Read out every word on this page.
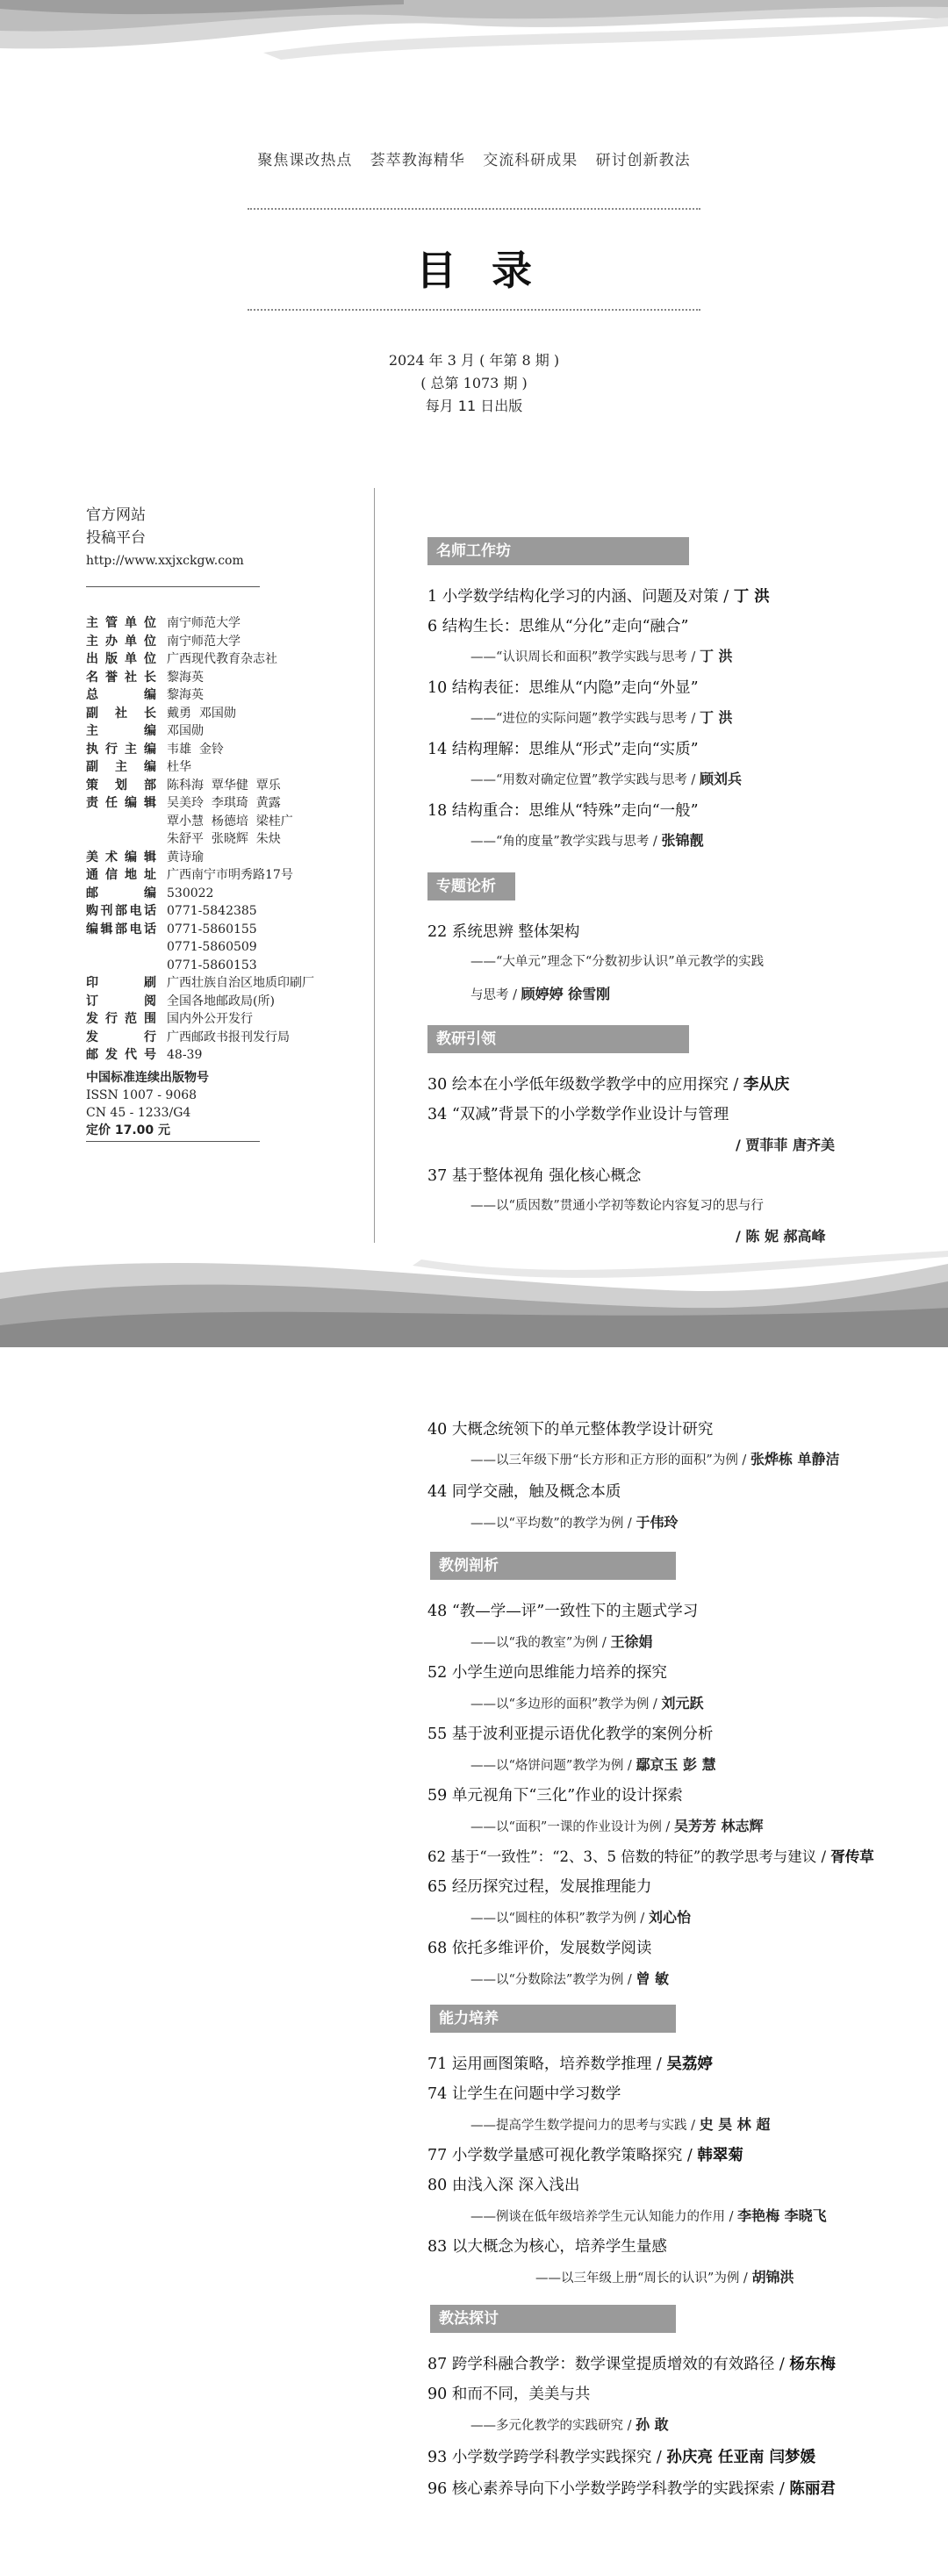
聚焦课改热点 荟萃教海精华 交流科研成果 研讨创新教法
目录
2024 年 3 月 ( 年第 8 期 )
( 总第 1073 期 )
每月 11 日出版
官方网站
投稿平台
http://www.xxjxckgw.com
主管单位 南宁师范大学
主办单位 南宁师范大学
出版单位 广西现代教育杂志社
名誉社长 黎海英
总编 黎海英
副社长 戴勇  邓国勋
主编 邓国勋
执行主编 韦雄  金铃
副主编 杜华
策划部 陈科海  覃华健  覃乐
责任编辑 吴美玲  李琪琦  黄露
覃小慧  杨德培  梁桂广
朱舒平  张晓辉  朱炔
美术编辑 黄诗瑜
通信地址 广西南宁市明秀路17号
邮编 530022
购刊部电话 0771-5842385
编辑部电话 0771-5860155
0771-5860509
0771-5860153
印刷 广西壮族自治区地质印刷厂
订阅 全国各地邮政局(所)
发行范围 国内外公开发行
发行 广西邮政书报刊发行局
邮发代号 48-39
中国标准连续出版物号
ISSN 1007 - 9068
CN 45 - 1233/G4
定价 17.00 元
名师工作坊
1 小学数学结构化学习的内涵、问题及对策 / 丁 洪
6 结构生长：思维从“分化”走向“融合”
——“认识周长和面积”教学实践与思考 / 丁 洪
10 结构表征：思维从“内隐”走向“外显”
——“进位的实际问题”教学实践与思考 / 丁 洪
14 结构理解：思维从“形式”走向“实质”
——“用数对确定位置”教学实践与思考 / 顾刘兵
18 结构重合：思维从“特殊”走向“一般”
——“角的度量”教学实践与思考 / 张锦靓
专题论析
22 系统思辨 整体架构
——“大单元”理念下“分数初步认识”单元教学的实践
与思考 / 顾婷婷 徐雪刚
教研引领
30 绘本在小学低年级数学教学中的应用探究 / 李从庆
34 “双减”背景下的小学数学作业设计与管理
/ 贾菲菲 唐齐美
37 基于整体视角 强化核心概念
——以“质因数”贯通小学初等数论内容复习的思与行
/ 陈 妮 郝高峰
40 大概念统领下的单元整体教学设计研究
——以三年级下册“长方形和正方形的面积”为例 / 张烨栋 单静洁
44 同学交融，触及概念本质
——以“平均数”的教学为例 / 于伟玲
教例剖析
48 “教—学—评”一致性下的主题式学习
——以“我的教室”为例 / 王徐娟
52 小学生逆向思维能力培养的探究
——以“多边形的面积”教学为例 / 刘元跃
55 基于波利亚提示语优化教学的案例分析
——以“烙饼问题”教学为例 / 鄢京玉 彭 慧
59 单元视角下“三化”作业的设计探索
——以“面积”一课的作业设计为例 / 吴芳芳 林志辉
62 基于“一致性”：“2、3、5 倍数的特征”的教学思考与建议 / 胥传草
65 经历探究过程，发展推理能力
——以“圆柱的体积”教学为例 / 刘心怡
68 依托多维评价，发展数学阅读
——以“分数除法”教学为例 / 曾 敏
能力培养
71 运用画图策略，培养数学推理 / 吴荔婷
74 让学生在问题中学习数学
——提高学生数学提问力的思考与实践 / 史 昊 林 超
77 小学数学量感可视化教学策略探究 / 韩翠菊
80 由浅入深 深入浅出
——例谈在低年级培养学生元认知能力的作用 / 李艳梅 李晓飞
83 以大概念为核心，培养学生量感
——以三年级上册“周长的认识”为例 / 胡锦洪
教法探讨
87 跨学科融合教学：数学课堂提质增效的有效路径 / 杨东梅
90 和而不同，美美与共
——多元化教学的实践研究 / 孙 敢
93 小学数学跨学科教学实践探究 / 孙庆亮 任亚南 闫梦媛
96 核心素养导向下小学数学跨学科教学的实践探索 / 陈丽君
